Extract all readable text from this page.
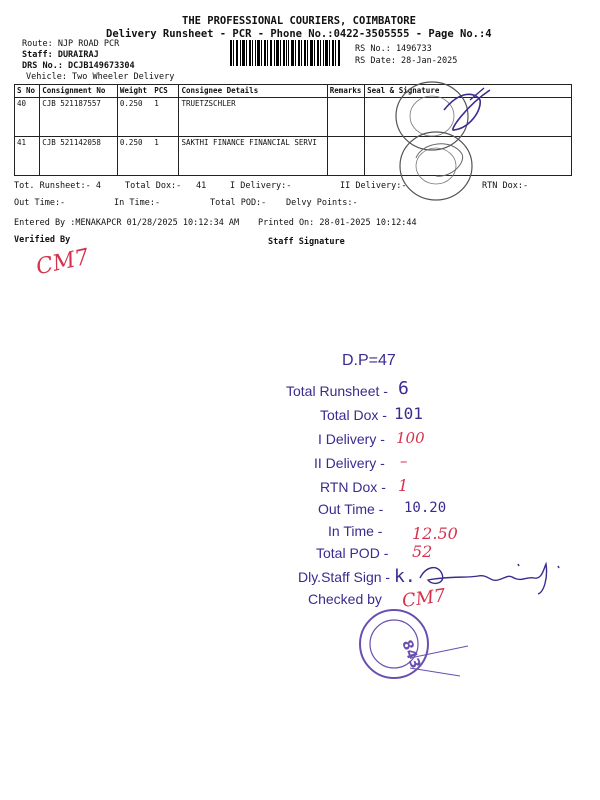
THE PROFESSIONAL COURIERS, COIMBATORE
Delivery Runsheet - PCR - Phone No.:0422-3505555 - Page No.:4
Route: NJP ROAD PCR
Staff: DURAIRAJ
DRS No.: DCJB149673304
Vehicle: Two Wheeler Delivery
RS No.: 1496733
RS Date: 28-Jan-2025
S No	Consignment No	Weight	PCS	Consignee Details	Remarks	Seal & Signature
40	CJB 521187557	0.250	1	TRUETZSCHLER		
41	CJB 521142058	0.250	1	SAKTHI FINANCE FINANCIAL SERVI		
Tot. Runsheet:- 4	Total Dox:- 41	I Delivery:-	II Delivery:-	RTN Dox:-
Out Time:-	In Time:-	Total POD:- Delvy Points:-
Entered By :MENAKAPCR 01/28/2025 10:12:34 AM Printed On: 28-01-2025 10:12:44
Verified By	Staff Signature
CM7
D.P=47
Total Runsheet - 6
Total Dox - 101
I Delivery - 100
II Delivery - –
RTN Dox - 1
Out Time - 10.20
In Time - 12.50
Total POD - 52
Dly.Staff Sign - k.
Checked by CM7
843
